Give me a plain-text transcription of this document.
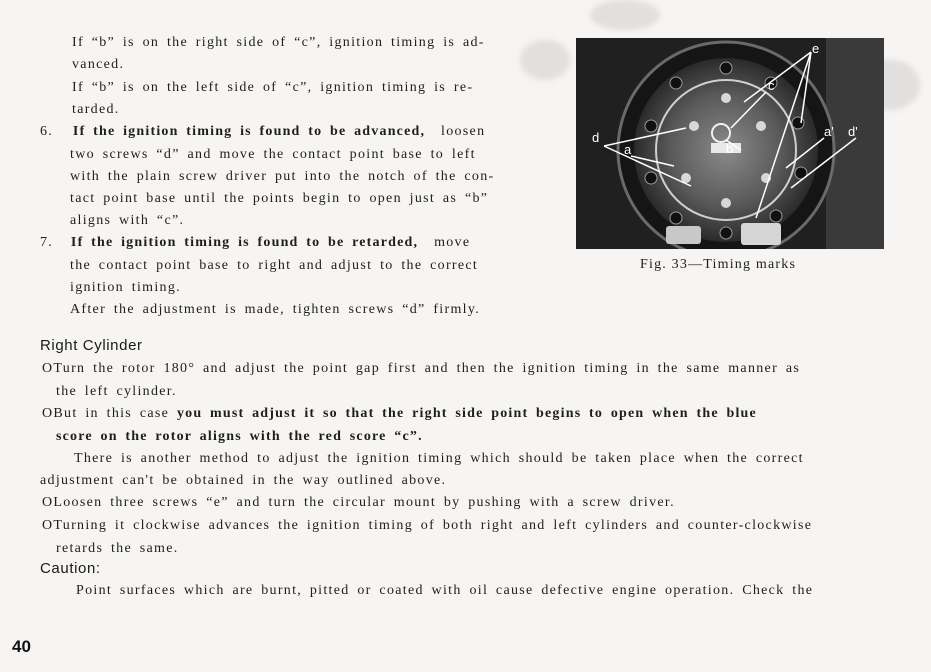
If “b” is on the right side of “c”, ignition timing is ad-
vanced.
If “b” is on the left side of “c”, ignition timing is re-
tarded.
6. If the ignition timing is found to be advanced, loosen
two screws “d” and move the contact point base to left
with the plain screw driver put into the notch of the con-
tact point base until the points begin to open just as “b”
aligns with “c”.
7. If the ignition timing is found to be retarded, move
the contact point base to right and adjust to the correct
ignition timing.
After the adjustment is made, tighten screws “d” firmly.
e
c
d
a	b
a' d'
Fig. 33—Timing marks
Right Cylinder
OTurn the rotor 180° and adjust the point gap first and then the ignition timing in the same manner as
the left cylinder.
OBut in this case you must adjust it so that the right side point begins to open when the blue
score on the rotor aligns with the red score “c”.
There is another method to adjust the ignition timing which should be taken place when the correct
adjustment can't be obtained in the way outlined above.
OLoosen three screws “e” and turn the circular mount by pushing with a screw driver.
OTurning it clockwise advances the ignition timing of both right and left cylinders and counter-clockwise
retards the same.
Caution:
Point surfaces which are burnt, pitted or coated with oil cause defective engine operation. Check the
40
